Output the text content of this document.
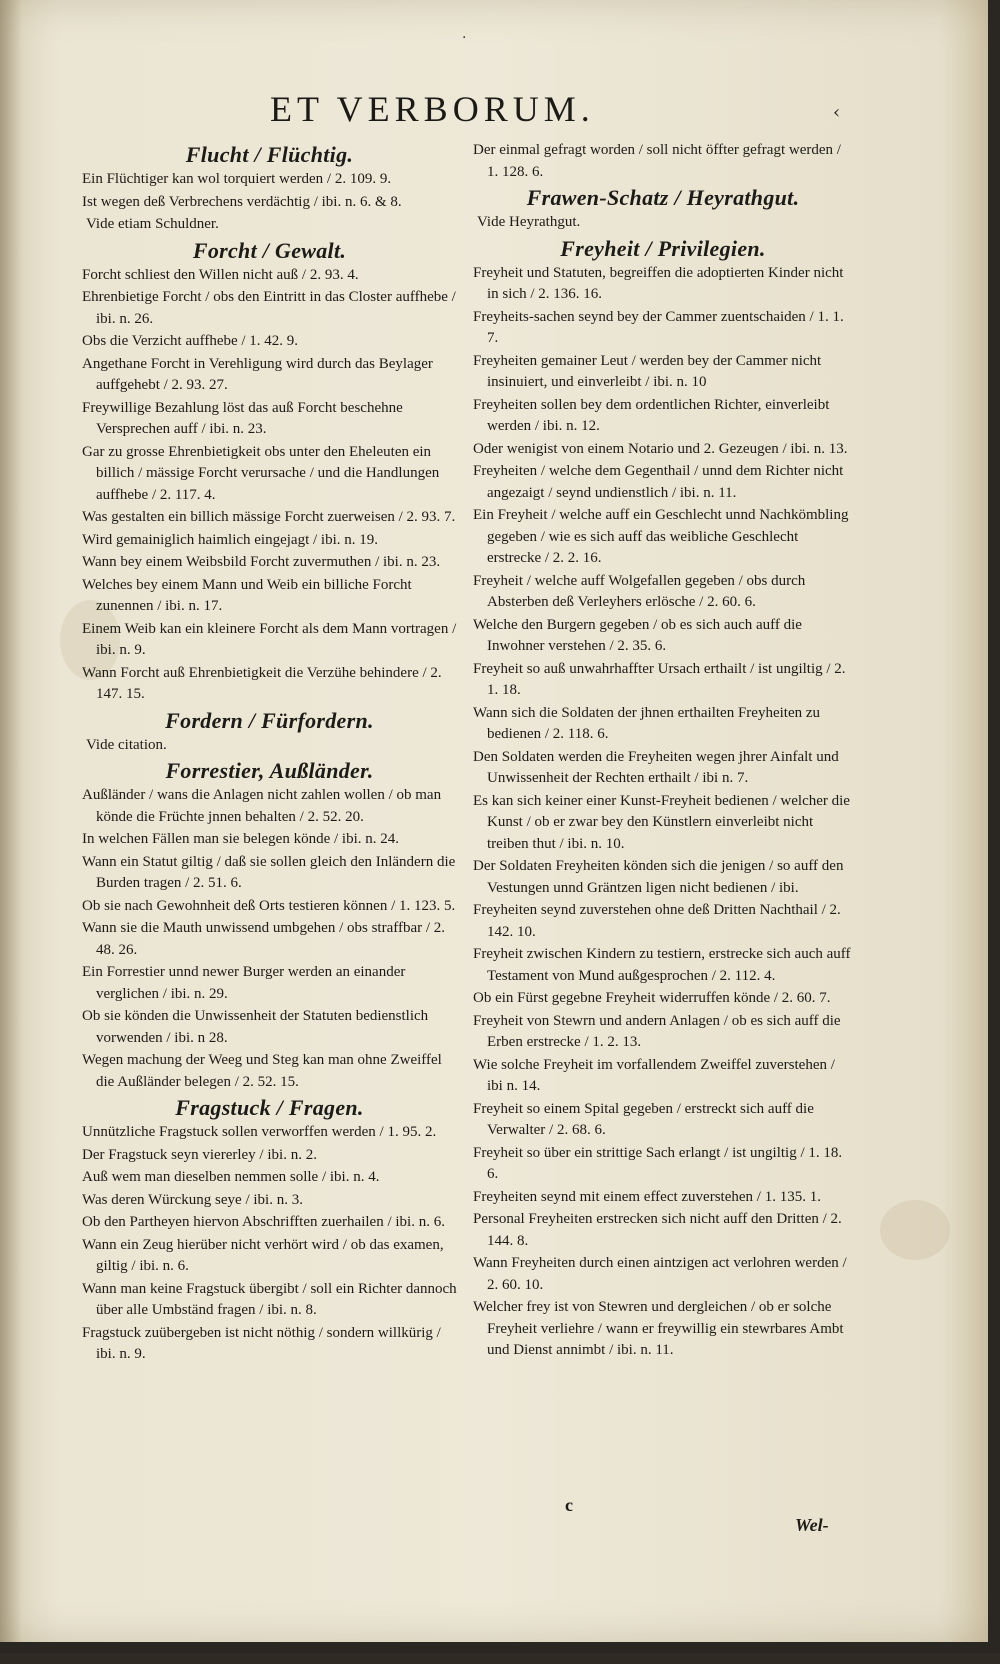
·
ET VERBORUM.	‹
Flucht / Flüchtig.
Ein Flüchtiger kan wol torquiert werden / 2. 109. 9.
Ist wegen deß Verbrechens verdächtig / ibi. n. 6. & 8.
Vide etiam Schuldner.
Forcht / Gewalt.
Forcht schliest den Willen nicht auß / 2. 93. 4.
Ehrenbietige Forcht / obs den Eintritt in das Closter auffhebe / ibi. n. 26.
Obs die Verzicht auffhebe / 1. 42. 9.
Angethane Forcht in Verehligung wird durch das Beylager auffgehebt / 2. 93. 27.
Freywillige Bezahlung löst das auß Forcht beschehne Versprechen auff / ibi. n. 23.
Gar zu grosse Ehrenbietigkeit obs unter den Eheleuten ein billich / mässige Forcht verursache / und die Handlungen auffhebe / 2. 117. 4.
Was gestalten ein billich mässige Forcht zuerweisen / 2. 93. 7.
Wird gemainiglich haimlich eingejagt / ibi. n. 19.
Wann bey einem Weibsbild Forcht zuvermuthen / ibi. n. 23.
Welches bey einem Mann und Weib ein billiche Forcht zunennen / ibi. n. 17.
Einem Weib kan ein kleinere Forcht als dem Mann vortragen / ibi. n. 9.
Wann Forcht auß Ehrenbietigkeit die Verzühe behindere / 2. 147. 15.
Fordern / Fürfordern.
Vide citation.
Forrestier, Außländer.
Außländer / wans die Anlagen nicht zahlen wollen / ob man könde die Früchte jnnen behalten / 2. 52. 20.
In welchen Fällen man sie belegen könde / ibi. n. 24.
Wann ein Statut giltig / daß sie sollen gleich den Inländern die Burden tragen / 2. 51. 6.
Ob sie nach Gewohnheit deß Orts testieren können / 1. 123. 5.
Wann sie die Mauth unwissend umbgehen / obs straffbar / 2. 48. 26.
Ein Forrestier unnd newer Burger werden an einander verglichen / ibi. n. 29.
Ob sie könden die Unwissenheit der Statuten bedienstlich vorwenden / ibi. n 28.
Wegen machung der Weeg und Steg kan man ohne Zweiffel die Außländer belegen / 2. 52. 15.
Fragstuck / Fragen.
Unnützliche Fragstuck sollen verworffen werden / 1. 95. 2.
Der Fragstuck seyn viererley / ibi. n. 2.
Auß wem man dieselben nemmen solle / ibi. n. 4.
Was deren Würckung seye / ibi. n. 3.
Ob den Partheyen hiervon Abschrifften zuerhailen / ibi. n. 6.
Wann ein Zeug hierüber nicht verhört wird / ob das examen, giltig / ibi. n. 6.
Wann man keine Fragstuck übergibt / soll ein Richter dannoch über alle Umbständ fragen / ibi. n. 8.
Fragstuck zuübergeben ist nicht nöthig / sondern willkürig / ibi. n. 9.
Der einmal gefragt worden / soll nicht öffter gefragt werden / 1. 128. 6.
Frawen-Schatz / Heyrathgut.
Vide Heyrathgut.
Freyheit / Privilegien.
Freyheit und Statuten, begreiffen die adoptierten Kinder nicht in sich / 2. 136. 16.
Freyheits-sachen seynd bey der Cammer zuentschaiden / 1. 1. 7.
Freyheiten gemainer Leut / werden bey der Cammer nicht insinuiert, und einverleibt / ibi. n. 10
Freyheiten sollen bey dem ordentlichen Richter, einverleibt werden / ibi. n. 12.
Oder wenigist von einem Notario und 2. Gezeugen / ibi. n. 13.
Freyheiten / welche dem Gegenthail / unnd dem Richter nicht angezaigt / seynd undienstlich / ibi. n. 11.
Ein Freyheit / welche auff ein Geschlecht unnd Nachkömbling gegeben / wie es sich auff das weibliche Geschlecht erstrecke / 2. 2. 16.
Freyheit / welche auff Wolgefallen gegeben / obs durch Absterben deß Verleyhers erlösche / 2. 60. 6.
Welche den Burgern gegeben / ob es sich auch auff die Inwohner verstehen / 2. 35. 6.
Freyheit so auß unwahrhaffter Ursach erthailt / ist ungiltig / 2. 1. 18.
Wann sich die Soldaten der jhnen erthailten Freyheiten zu bedienen / 2. 118. 6.
Den Soldaten werden die Freyheiten wegen jhrer Ainfalt und Unwissenheit der Rechten erthailt / ibi n. 7.
Es kan sich keiner einer Kunst-Freyheit bedienen / welcher die Kunst / ob er zwar bey den Künstlern einverleibt nicht treiben thut / ibi. n. 10.
Der Soldaten Freyheiten könden sich die jenigen / so auff den Vestungen unnd Gräntzen ligen nicht bedienen / ibi.
Freyheiten seynd zuverstehen ohne deß Dritten Nachthail / 2. 142. 10.
Freyheit zwischen Kindern zu testiern, erstrecke sich auch auff Testament von Mund außgesprochen / 2. 112. 4.
Ob ein Fürst gegebne Freyheit widerruffen könde / 2. 60. 7.
Freyheit von Stewrn und andern Anlagen / ob es sich auff die Erben erstrecke / 1. 2. 13.
Wie solche Freyheit im vorfallendem Zweiffel zuverstehen / ibi n. 14.
Freyheit so einem Spital gegeben / erstreckt sich auff die Verwalter / 2. 68. 6.
Freyheit so über ein strittige Sach erlangt / ist ungiltig / 1. 18. 6.
Freyheiten seynd mit einem effect zuverstehen / 1. 135. 1.
Personal Freyheiten erstrecken sich nicht auff den Dritten / 2. 144. 8.
Wann Freyheiten durch einen aintzigen act verlohren werden / 2. 60. 10.
Welcher frey ist von Stewren und dergleichen / ob er solche Freyheit verliehre / wann er freywillig ein stewrbares Ambt und Dienst annimbt / ibi. n. 11.
c
Wel-
